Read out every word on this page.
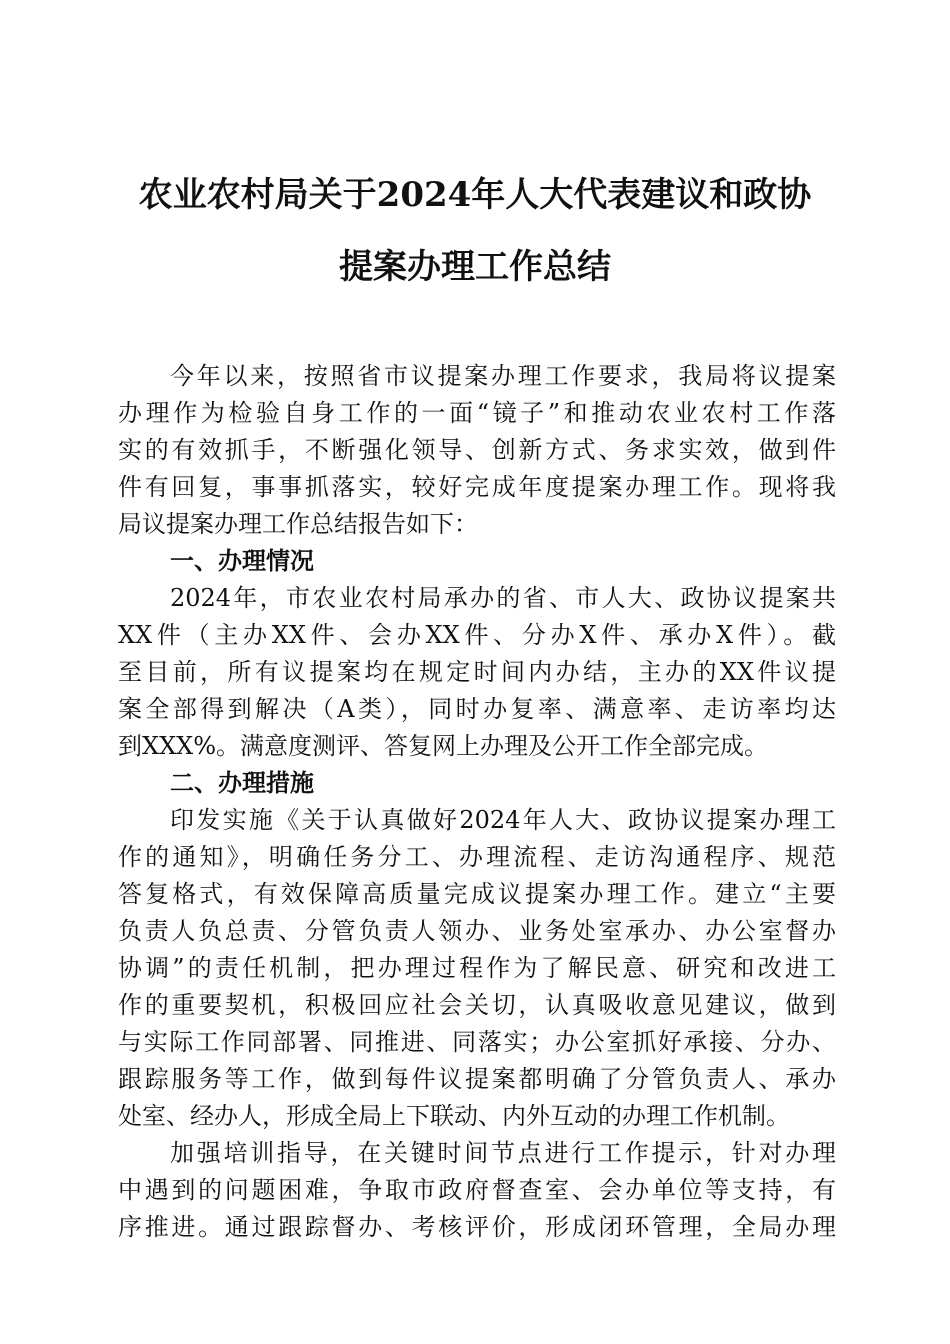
农业农村局关于2024年人大代表建议和政协
提案办理工作总结
今年以来，按照省市议提案办理工作要求，我局将议提案
办理作为检验自身工作的一面“镜子”和推动农业农村工作落
实的有效抓手，不断强化领导、创新方式、务求实效，做到件
件有回复，事事抓落实，较好完成年度提案办理工作。现将我
局议提案办理工作总结报告如下：
一、办理情况
2024年，市农业农村局承办的省、市人大、政协议提案共
XX件（主办XX件、会办XX件、分办X件、承办X件）。截
至目前，所有议提案均在规定时间内办结，主办的XX件议提
案全部得到解决（A类），同时办复率、满意率、走访率均达
到XXX%。满意度测评、答复网上办理及公开工作全部完成。
二、办理措施
印发实施《关于认真做好2024年人大、政协议提案办理工
作的通知》，明确任务分工、办理流程、走访沟通程序、规范
答复格式，有效保障高质量完成议提案办理工作。建立“主要
负责人负总责、分管负责人领办、业务处室承办、办公室督办
协调”的责任机制，把办理过程作为了解民意、研究和改进工
作的重要契机，积极回应社会关切，认真吸收意见建议，做到
与实际工作同部署、同推进、同落实；办公室抓好承接、分办、
跟踪服务等工作，做到每件议提案都明确了分管负责人、承办
处室、经办人，形成全局上下联动、内外互动的办理工作机制。
加强培训指导，在关键时间节点进行工作提示，针对办理
中遇到的问题困难，争取市政府督查室、会办单位等支持，有
序推进。通过跟踪督办、考核评价，形成闭环管理，全局办理
